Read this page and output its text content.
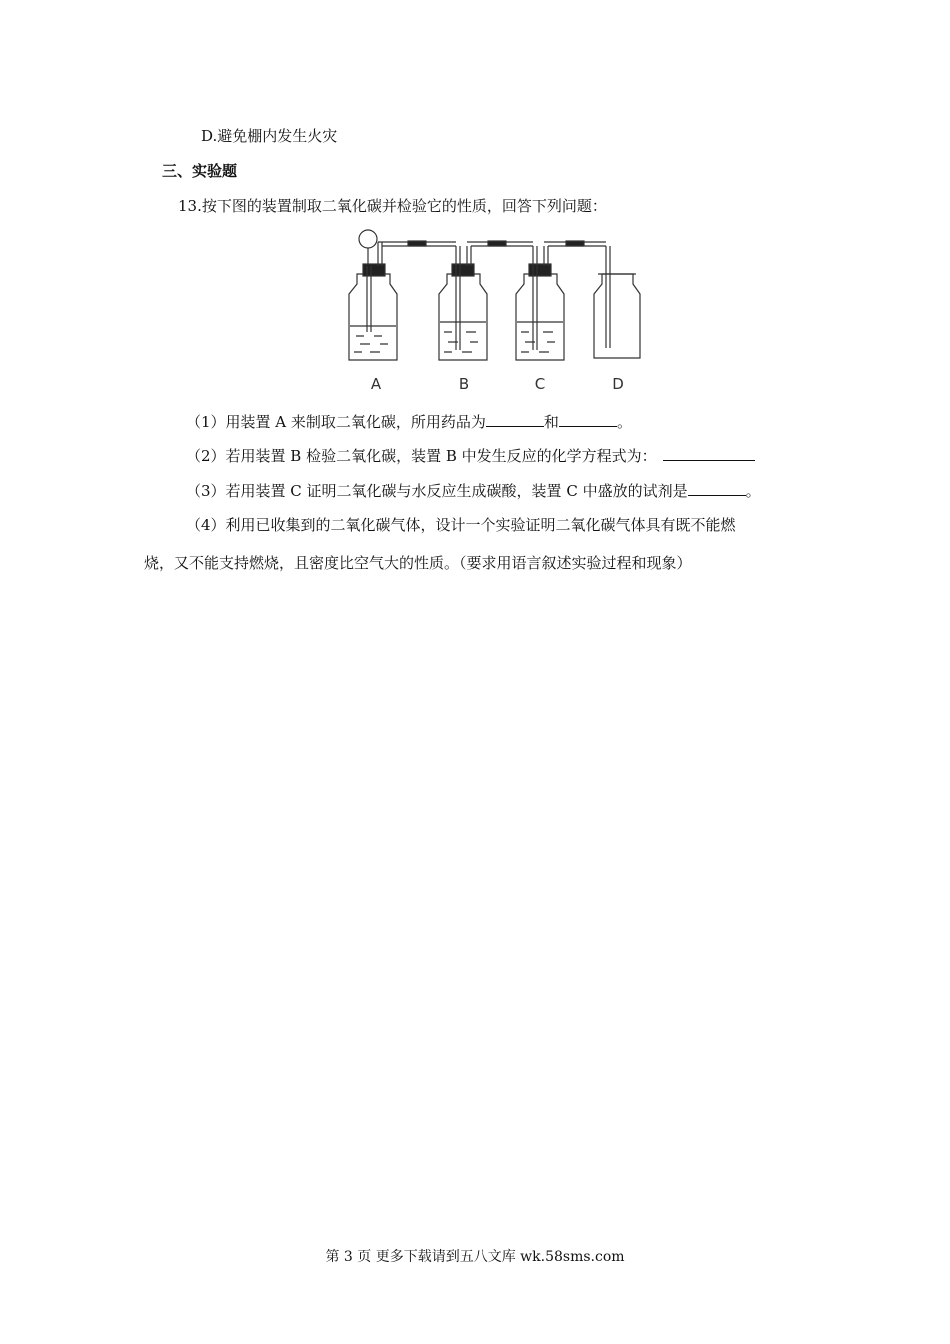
D.避免棚内发生火灾
三、实验题
13.按下图的装置制取二氧化碳并检验它的性质，回答下列问题：
A	B	C	D
（1）用装置 A 来制取二氧化碳，所用药品为	和	。
（2）若用装置 B 检验二氧化碳，装置 B 中发生反应的化学方程式为：
（3）若用装置 C 证明二氧化碳与水反应生成碳酸，装置 C 中盛放的试剂是	。
（4）利用已收集到的二氧化碳气体，设计一个实验证明二氧化碳气体具有既不能燃
烧，又不能支持燃烧，且密度比空气大的性质。（要求用语言叙述实验过程和现象）
第 3 页 更多下载请到五八文库 wk.58sms.com
